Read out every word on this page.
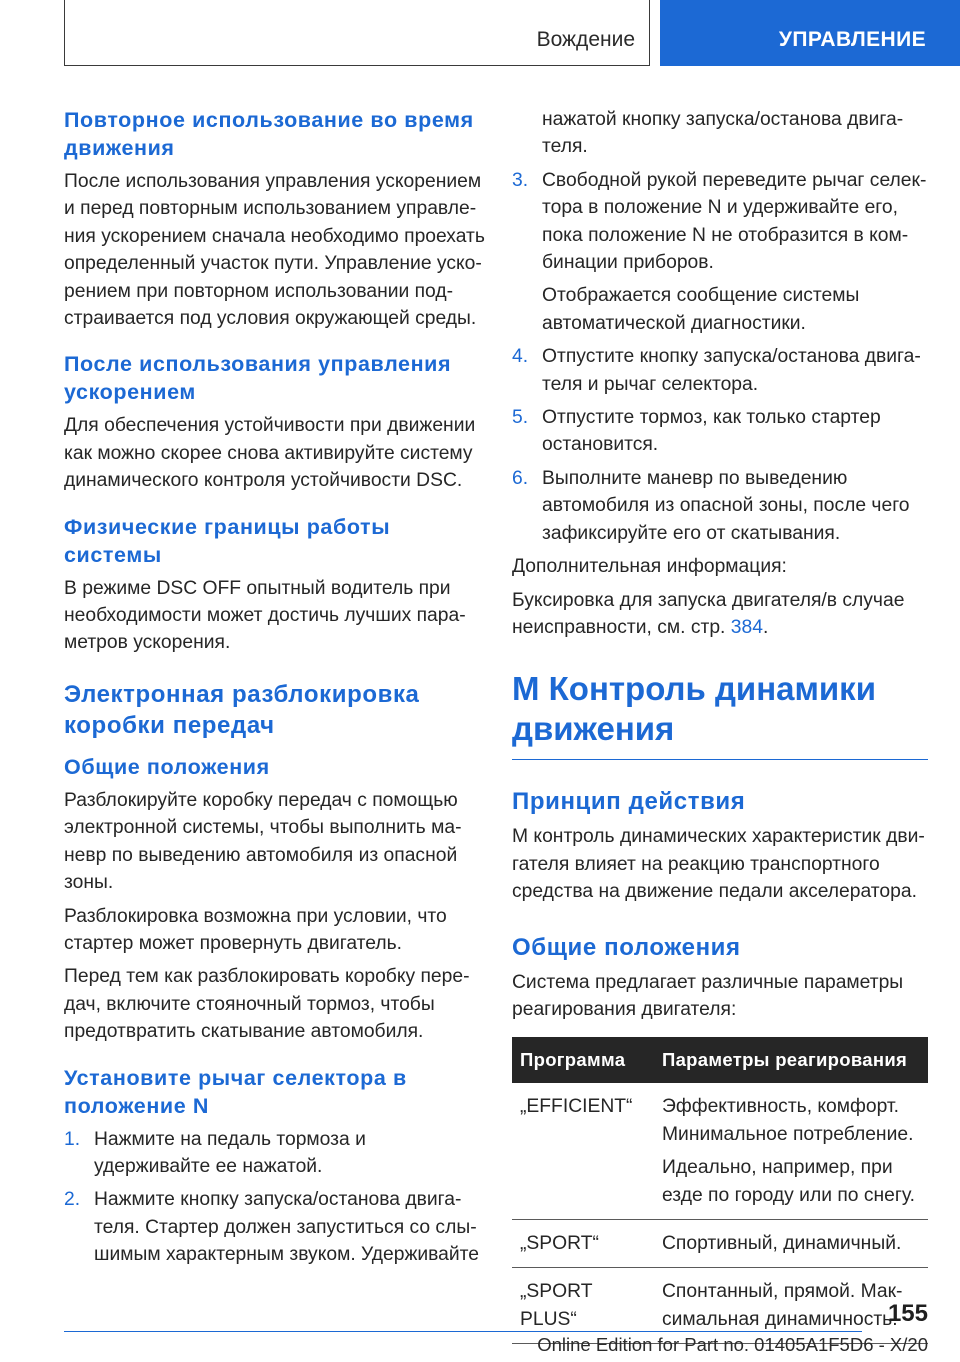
Вождение	УПРАВЛЕНИЕ
Повторное использование во время движения

После использования управления ускорением и перед повторным использованием управления ускорением сначала необходимо проехать определенный участок пути. Управление ускорением при повторном использовании подстраивается под условия окружающей среды.

После использования управления ускорением

Для обеспечения устойчивости при движении как можно скорее снова активируйте систему динамического контроля устойчивости DSC.

Физические границы работы системы

В режиме DSC OFF опытный водитель при необходимости может достичь лучших параметров ускорения.

Электронная разблокировка коробки передач
Общие положения

Разблокируйте коробку передач с помощью электронной системы, чтобы выполнить маневр по выведению автомобиля из опасной зоны.

Разблокировка возможна при условии, что стартер может провернуть двигатель.

Перед тем как разблокировать коробку передач, включите стояночный тормоз, чтобы предотвратить скатывание автомобиля.

Установите рычаг селектора в положение N
1. Нажмите на педаль тормоза и удерживайте ее нажатой.
2. Нажмите кнопку запуска/останова двигателя. Стартер должен запуститься со слышимым характерным звуком. Удерживайте

нажатой кнопку запуска/останова двигателя.

3. Свободной рукой переведите рычаг селектора в положение N и удерживайте его, пока положение N не отобразится в комбинации приборов.

Отображается сообщение системы автоматической диагностики.

4. Отпустите кнопку запуска/останова двигателя и рычаг селектора.
5. Отпустите тормоз, как только стартер остановится.
6. Выполните маневр по выведению автомобиля из опасной зоны, после чего зафиксируйте его от скатывания.

Дополнительная информация:

Буксировка для запуска двигателя/в случае неисправности, см. стр. 384.

M Контроль динамики движения
Принцип действия

M контроль динамических характеристик двигателя влияет на реакцию транспортного средства на движение педали акселератора.

Общие положения

Система предлагает различные параметры реагирования двигателя:

Программа	Параметры реагирования
„EFFICIENT“	Эффективность, комфорт. Минимальное потребление.

Идеально, например, при езде по городу или по снегу.

„SPORT“	Спортивный, динамичный.

„SPORT PLUS“	Спонтанный, прямой. Максимальная динамичность.

155
Online Edition for Part no. 01405A1F5D6 - X/20
